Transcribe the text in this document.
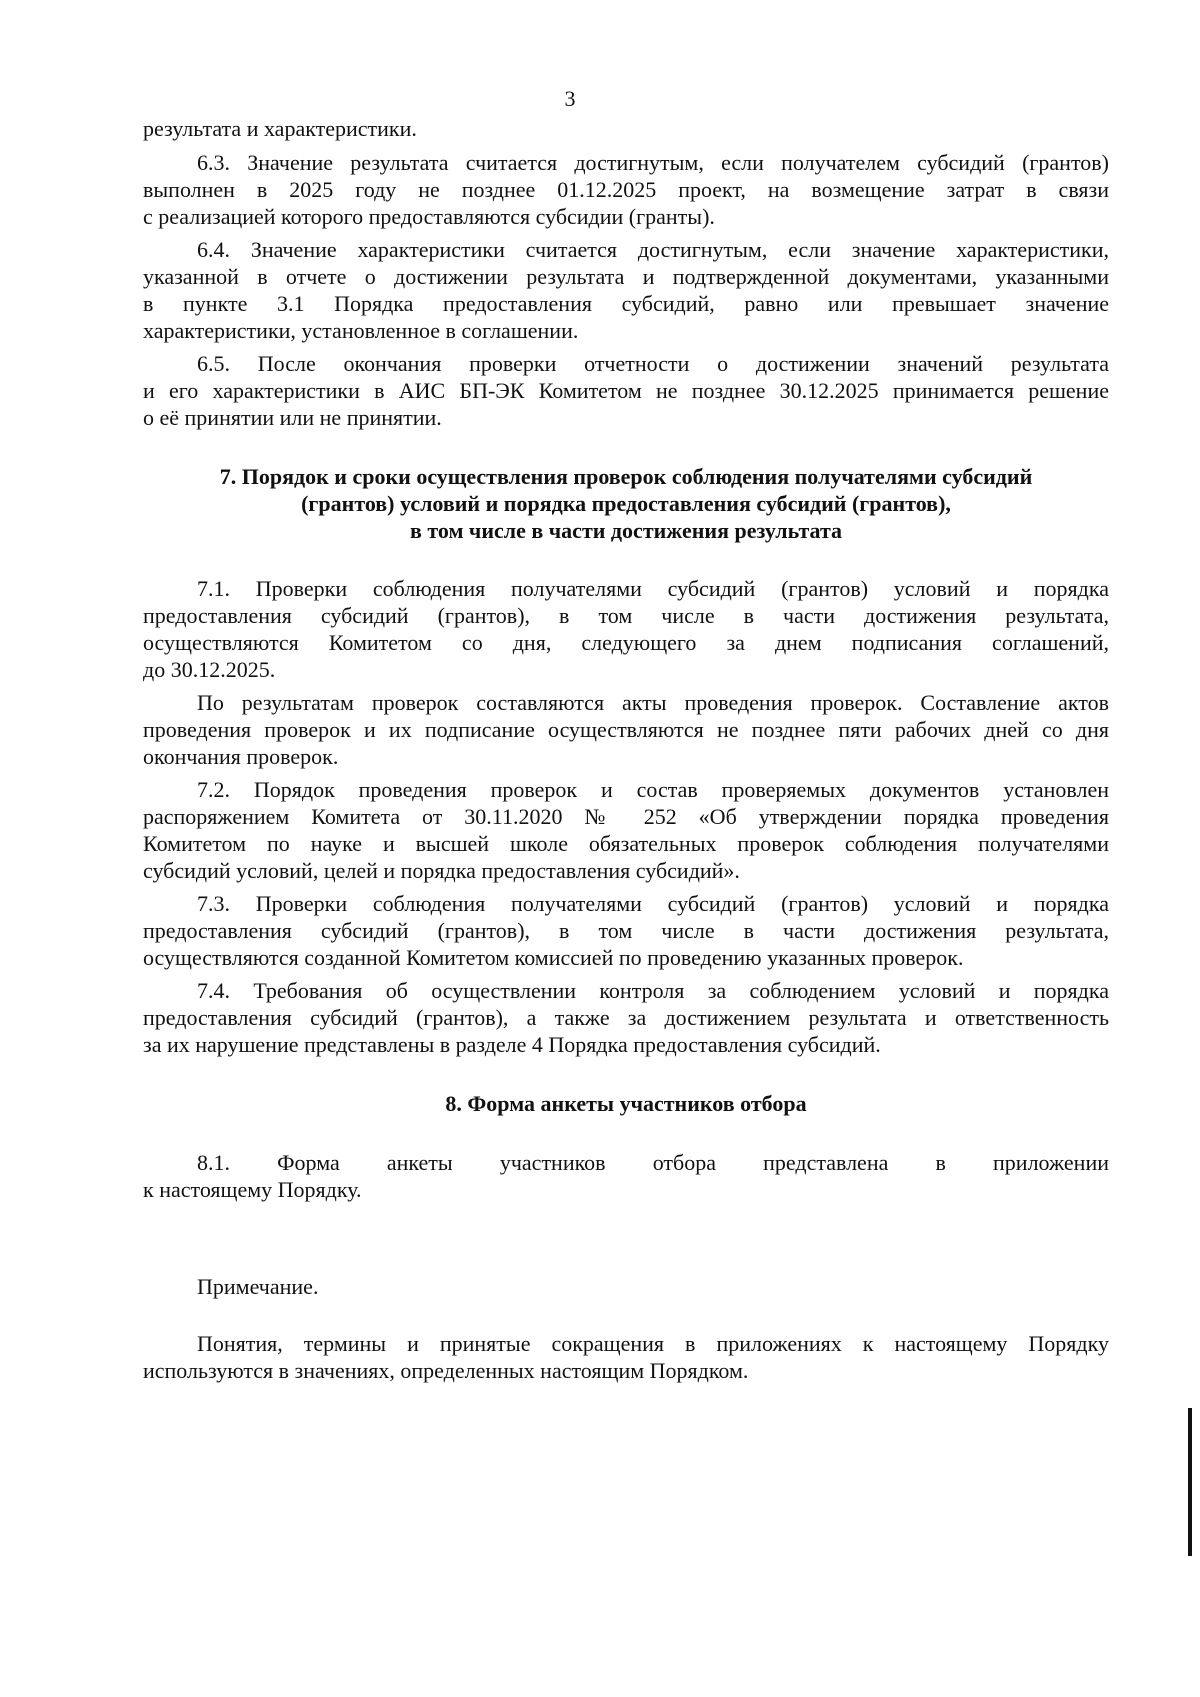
3
результата и характеристики.
6.3. Значение результата считается достигнутым, если получателем субсидий (грантов)
выполнен в 2025 году не позднее 01.12.2025 проект, на возмещение затрат в связи
с реализацией которого предоставляются субсидии (гранты).
6.4. Значение характеристики считается достигнутым, если значение характеристики,
указанной в отчете о достижении результата и подтвержденной документами, указанными
в пункте 3.1 Порядка предоставления субсидий, равно или превышает значение
характеристики, установленное в соглашении.
6.5. После окончания проверки отчетности о достижении значений результата
и его характеристики в АИС БП-ЭК Комитетом не позднее 30.12.2025 принимается решение
о её принятии или не принятии.
7. Порядок и сроки осуществления проверок соблюдения получателями субсидий
(грантов) условий и порядка предоставления субсидий (грантов),
в том числе в части достижения результата
7.1. Проверки соблюдения получателями субсидий (грантов) условий и порядка
предоставления субсидий (грантов), в том числе в части достижения результата,
осуществляются Комитетом со дня, следующего за днем подписания соглашений,
до 30.12.2025.
По результатам проверок составляются акты проведения проверок. Составление актов
проведения проверок и их подписание осуществляются не позднее пяти рабочих дней со дня
окончания проверок.
7.2. Порядок проведения проверок и состав проверяемых документов установлен
распоряжением Комитета от 30.11.2020 № 252 «Об утверждении порядка проведения
Комитетом по науке и высшей школе обязательных проверок соблюдения получателями
субсидий условий, целей и порядка предоставления субсидий».
7.3. Проверки соблюдения получателями субсидий (грантов) условий и порядка
предоставления субсидий (грантов), в том числе в части достижения результата,
осуществляются созданной Комитетом комиссией по проведению указанных проверок.
7.4. Требования об осуществлении контроля за соблюдением условий и порядка
предоставления субсидий (грантов), а также за достижением результата и ответственность
за их нарушение представлены в разделе 4 Порядка предоставления субсидий.
8. Форма анкеты участников отбора
8.1. Форма анкеты участников отбора представлена в приложении
к настоящему Порядку.
Примечание.
Понятия, термины и принятые сокращения в приложениях к настоящему Порядку
используются в значениях, определенных настоящим Порядком.
